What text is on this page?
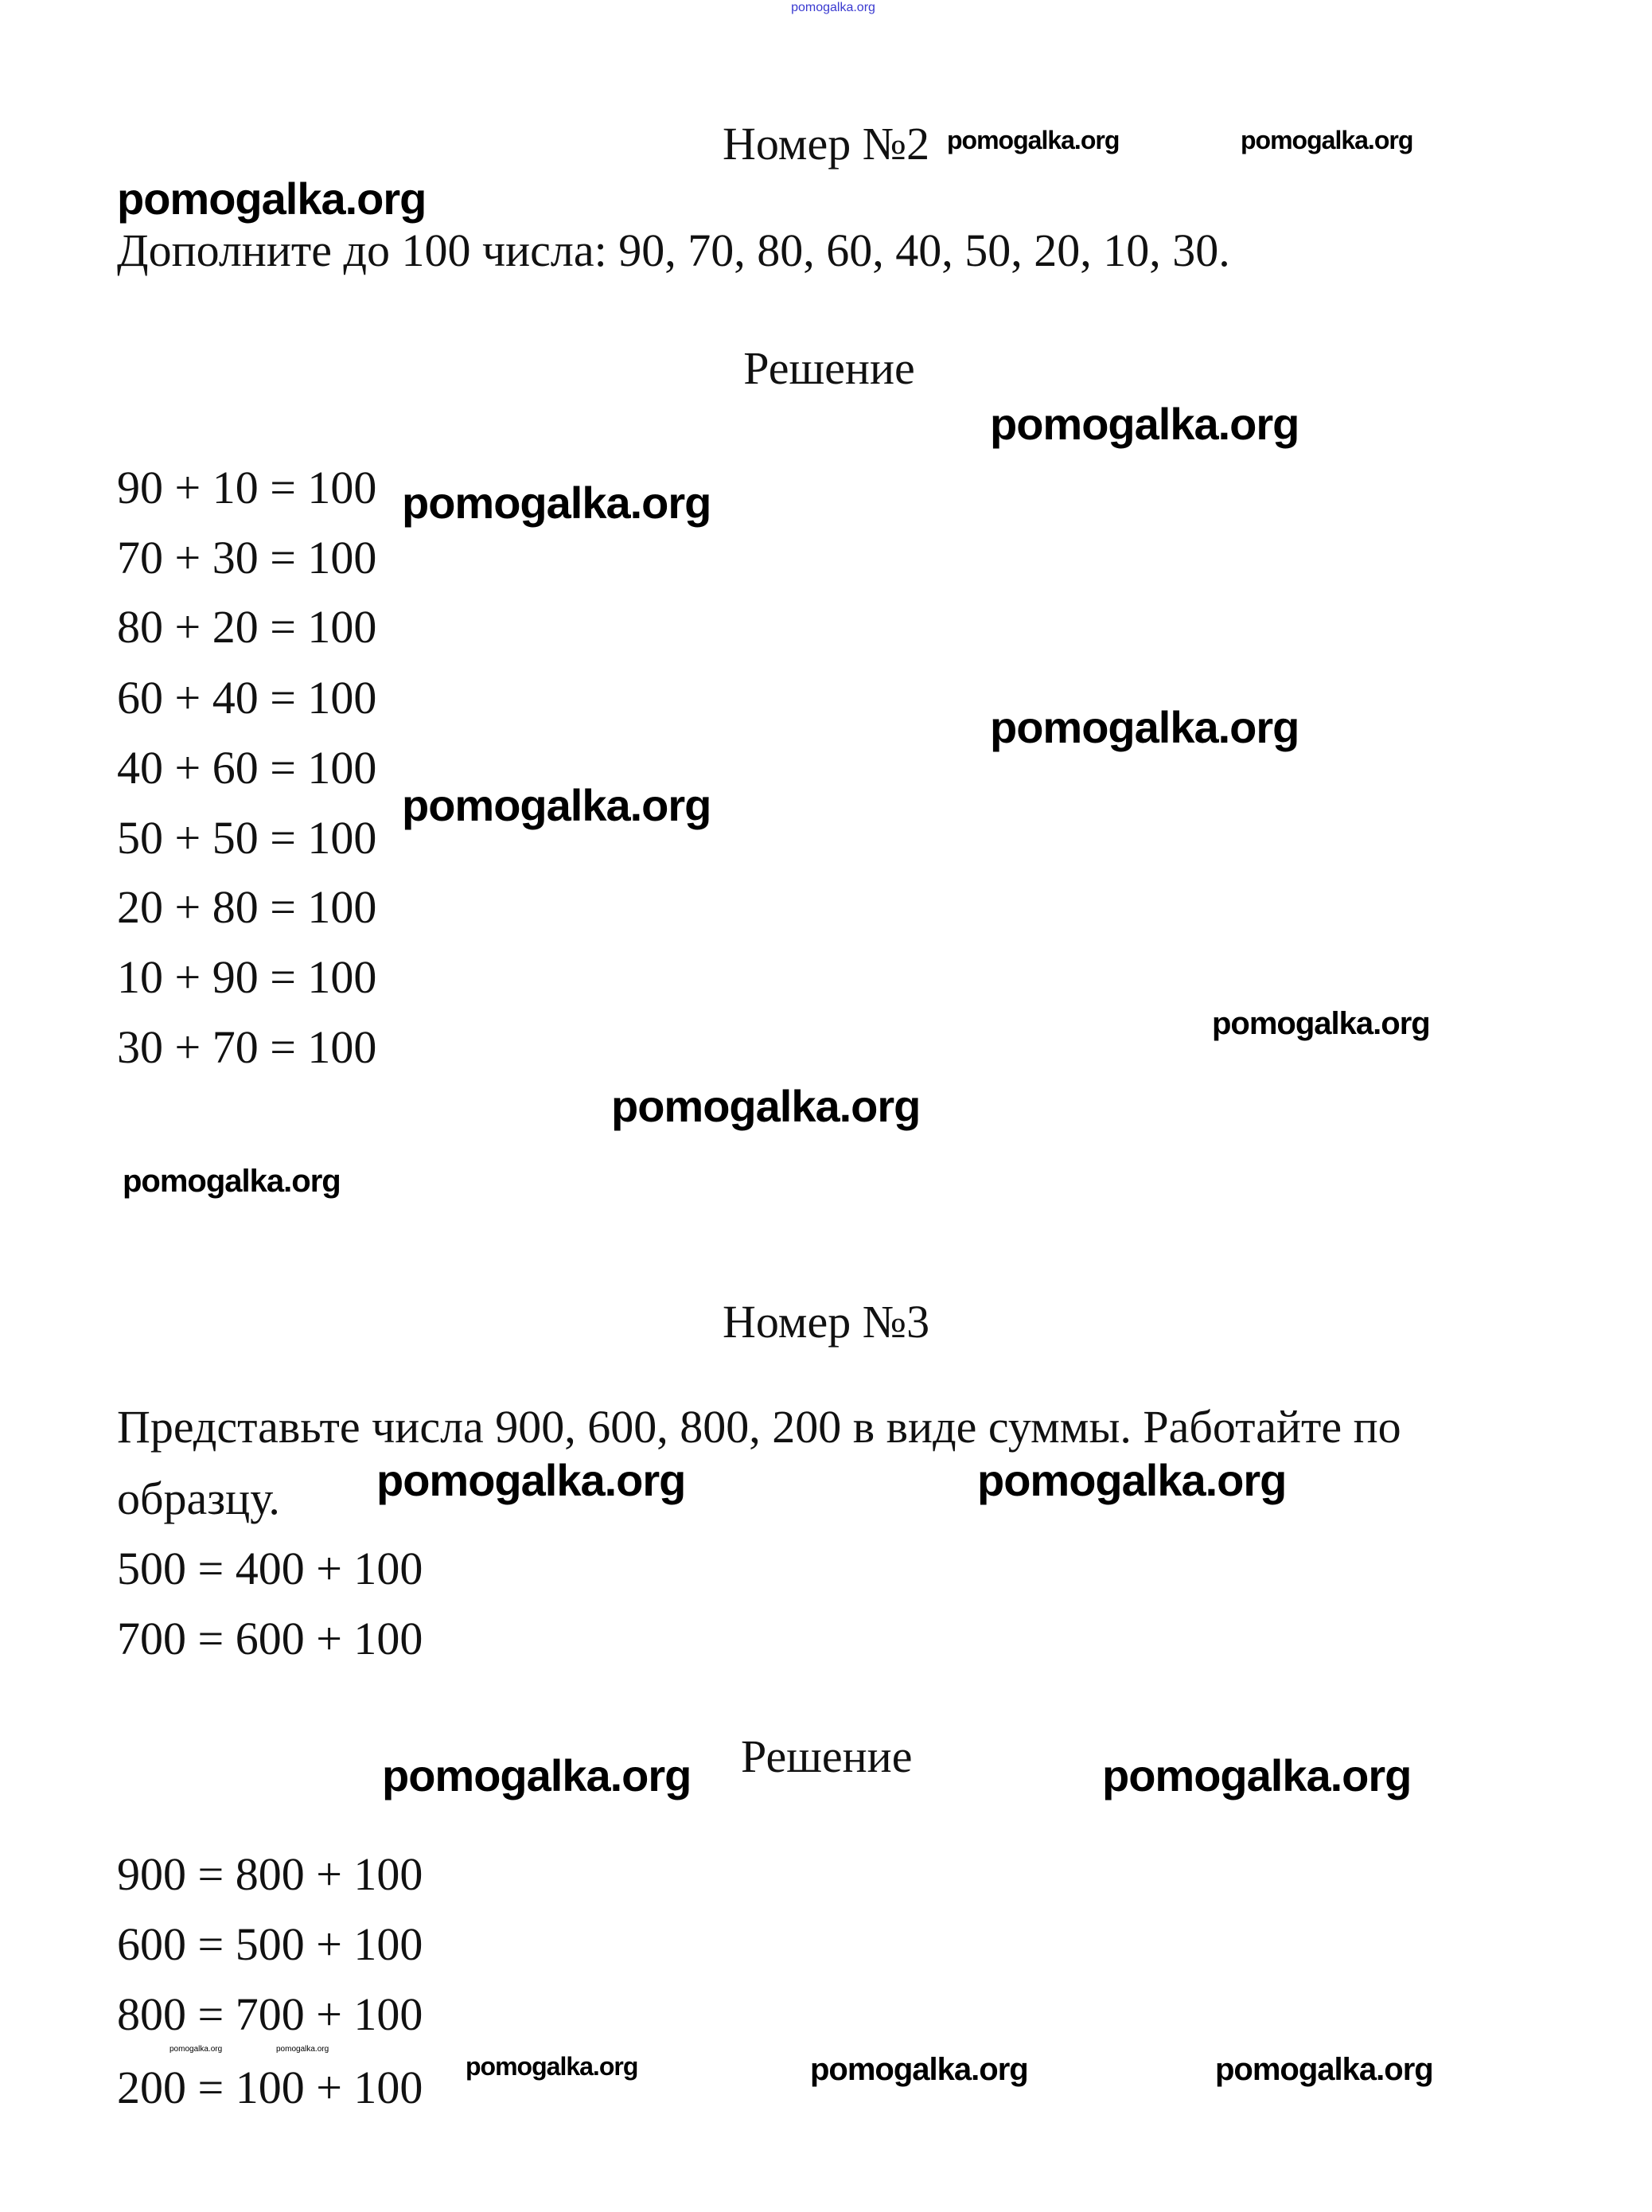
pomogalka.org
Номер №2 pomogalka.org	pomogalka.org
pomogalka.org
Дополните до 100 числа: 90, 70, 80, 60, 40, 50, 20, 10, 30.
Решение
pomogalka.org
90 + 10 = 100
70 + 30 = 100
80 + 20 = 100
60 + 40 = 100
40 + 60 = 100
50 + 50 = 100
20 + 80 = 100
10 + 90 = 100
30 + 70 = 100
pomogalka.org
pomogalka.org
pomogalka.org
pomogalka.org
pomogalka.org
pomogalka.org
Номер №3
Представьте числа 900, 600, 800, 200 в виде суммы. Работайте по
образцу. pomogalka.org	pomogalka.org
500 = 400 + 100
700 = 600 + 100
pomogalka.org Решение	pomogalka.org
900 = 800 + 100
600 = 500 + 100
800 = 700 + 100
200 = 100 + 100
pomogalka.org	pomogalka.org
pomogalka.org	pomogalka.org	pomogalka.org
